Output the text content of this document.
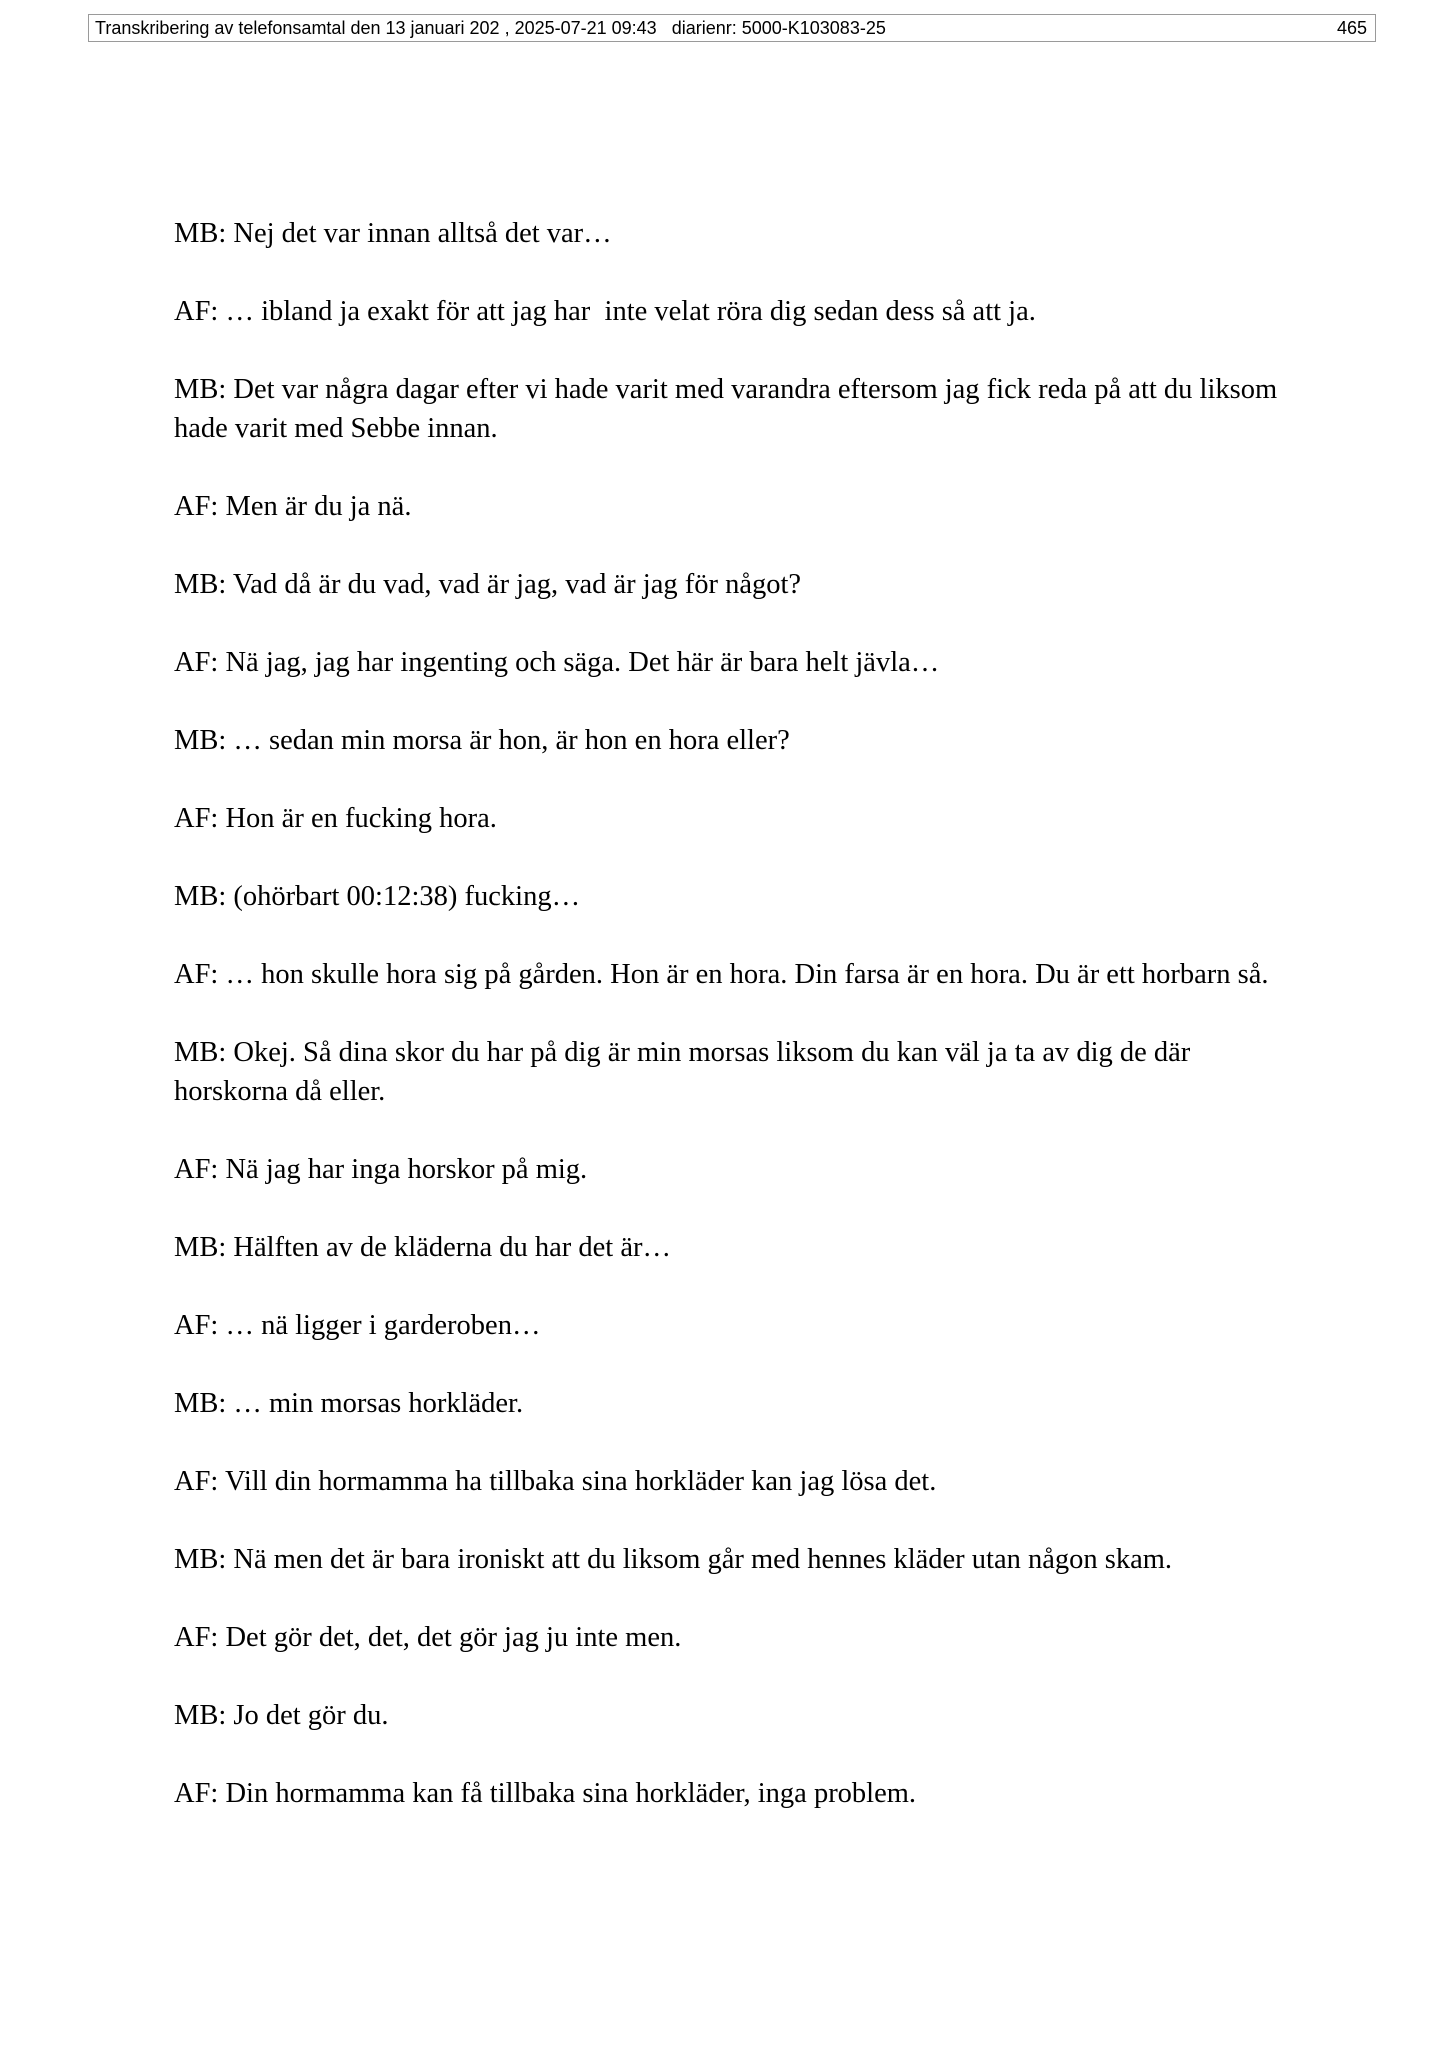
Transkribering av telefonsamtal den 13 januari 202 , 2025-07-21 09:43   diarienr: 5000-K103083-25	465

MB: Nej det var innan alltså det var…

AF: … ibland ja exakt för att jag har  inte velat röra dig sedan dess så att ja.

MB: Det var några dagar efter vi hade varit med varandra eftersom jag fick reda på att du liksom hade varit med Sebbe innan.

AF: Men är du ja nä.

MB: Vad då är du vad, vad är jag, vad är jag för något?

AF: Nä jag, jag har ingenting och säga. Det här är bara helt jävla…

MB: … sedan min morsa är hon, är hon en hora eller?

AF: Hon är en fucking hora.

MB: (ohörbart 00:12:38) fucking…

AF: … hon skulle hora sig på gården. Hon är en hora. Din farsa är en hora. Du är ett horbarn så.

MB: Okej. Så dina skor du har på dig är min morsas liksom du kan väl ja ta av dig de där horskorna då eller.

AF: Nä jag har inga horskor på mig.

MB: Hälften av de kläderna du har det är…

AF: … nä ligger i garderoben…

MB: … min morsas horkläder.

AF: Vill din hormamma ha tillbaka sina horkläder kan jag lösa det.

MB: Nä men det är bara ironiskt att du liksom går med hennes kläder utan någon skam.

AF: Det gör det, det, det gör jag ju inte men.

MB: Jo det gör du.

AF: Din hormamma kan få tillbaka sina horkläder, inga problem.
